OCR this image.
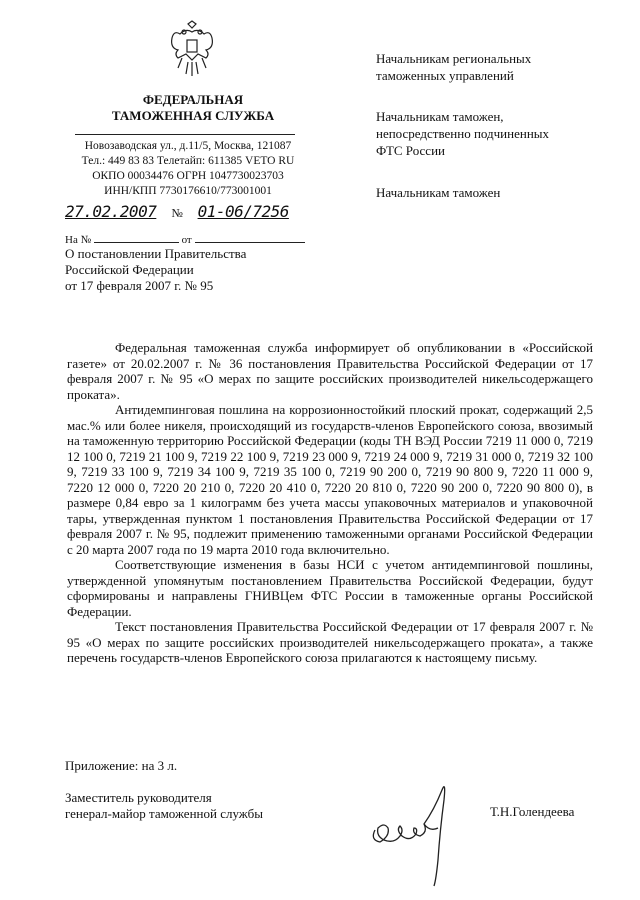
ФЕДЕРАЛЬНАЯ
ТАМОЖЕННАЯ СЛУЖБА
Новозаводская ул., д.11/5, Москва, 121087
Тел.: 449 83 83 Телетайп: 611385 VETO RU
ОКПО 00034476 ОГРН 1047730023703
ИНН/КПП 7730176610/773001001
27.02.2007 № 01-06/7256
На №	от
О постановлении Правительства
Российской Федерации
от 17 февраля 2007 г. № 95
Начальникам региональных
таможенных управлений
Начальникам таможен,
непосредственно подчиненных
ФТС России
Начальникам таможен

Федеральная таможенная служба информирует об опубликовании в «Российской газете» от 20.02.2007 г. № 36 постановления Правительства Российской Федерации от 17 февраля 2007 г. № 95 «О мерах по защите российских производителей никельсодержащего проката».

Антидемпинговая пошлина на коррозионностойкий плоский прокат, содержащий 2,5 мас.% или более никеля, происходящий из государств-членов Европейского союза, ввозимый на таможенную территорию Российской Федерации (коды ТН ВЭД России 7219 11 000 0, 7219 12 100 0, 7219 21 100 9, 7219 22 100 9, 7219 23 000 9, 7219 24 000 9, 7219 31 000 0, 7219 32 100 9, 7219 33 100 9, 7219 34 100 9, 7219 35 100 0, 7219 90 200 0, 7219 90 800 9, 7220 11 000 9, 7220 12 000 0, 7220 20 210 0, 7220 20 410 0, 7220 20 810 0, 7220 90 200 0, 7220 90 800 0), в размере 0,84 евро за 1 килограмм без учета массы упаковочных материалов и упаковочной тары, утвержденная пунктом 1 постановления Правительства Российской Федерации от 17 февраля 2007 г. № 95, подлежит применению таможенными органами Российской Федерации с 20 марта 2007 года по 19 марта 2010 года включительно.

Соответствующие изменения в базы НСИ с учетом антидемпинговой пошлины, утвержденной упомянутым постановлением Правительства Российской Федерации, будут сформированы и направлены ГНИВЦем ФТС России в таможенные органы Российской Федерации.

Текст постановления Правительства Российской Федерации от 17 февраля 2007 г. № 95 «О мерах по защите российских производителей никельсодержащего проката», а также перечень государств-членов Европейского союза прилагаются к настоящему письму.

Приложение: на 3 л.
Заместитель руководителя
генерал-майор таможенной службы	Т.Н.Голендеева
